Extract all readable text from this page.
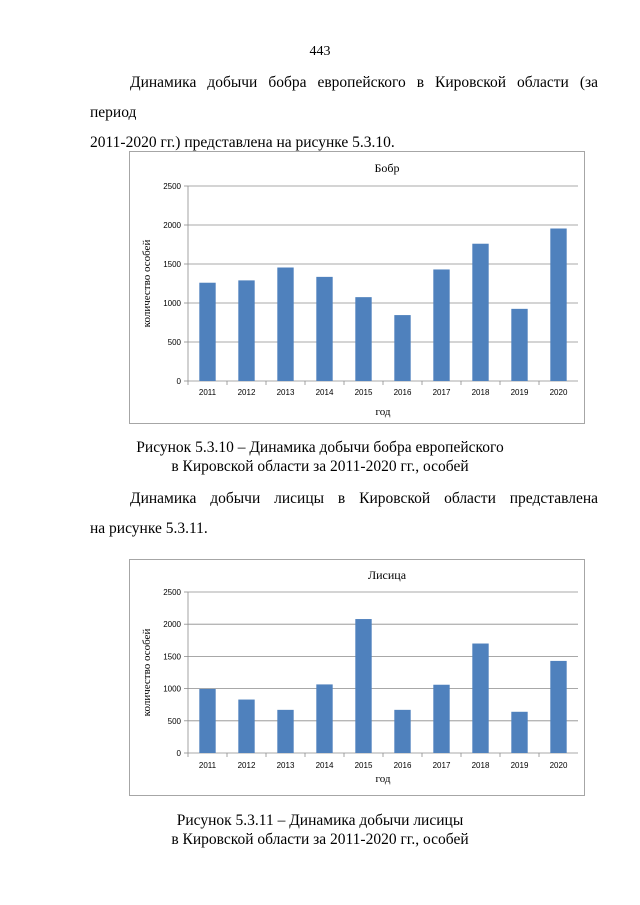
443
Динамика добычи бобра европейского в Кировской области (за период
2011-2020 гг.) представлена на рисунке 5.3.10.
Бобр
0
500
1000
1500
2000
2500
2011	2012	2013	2014	2015	2016	2017	2018	2019	2020
год
количество особей
Рисунок 5.3.10 – Динамика добычи бобра европейского
в Кировской области за 2011-2020 гг., особей
Динамика добычи лисицы в Кировской области представлена
на рисунке 5.3.11.
Лисица
0
500
1000
1500
2000
2500
2011	2012	2013	2014	2015	2016	2017	2018	2019	2020
год
количество особей
Рисунок 5.3.11 – Динамика добычи лисицы
в Кировской области за 2011-2020 гг., особей
